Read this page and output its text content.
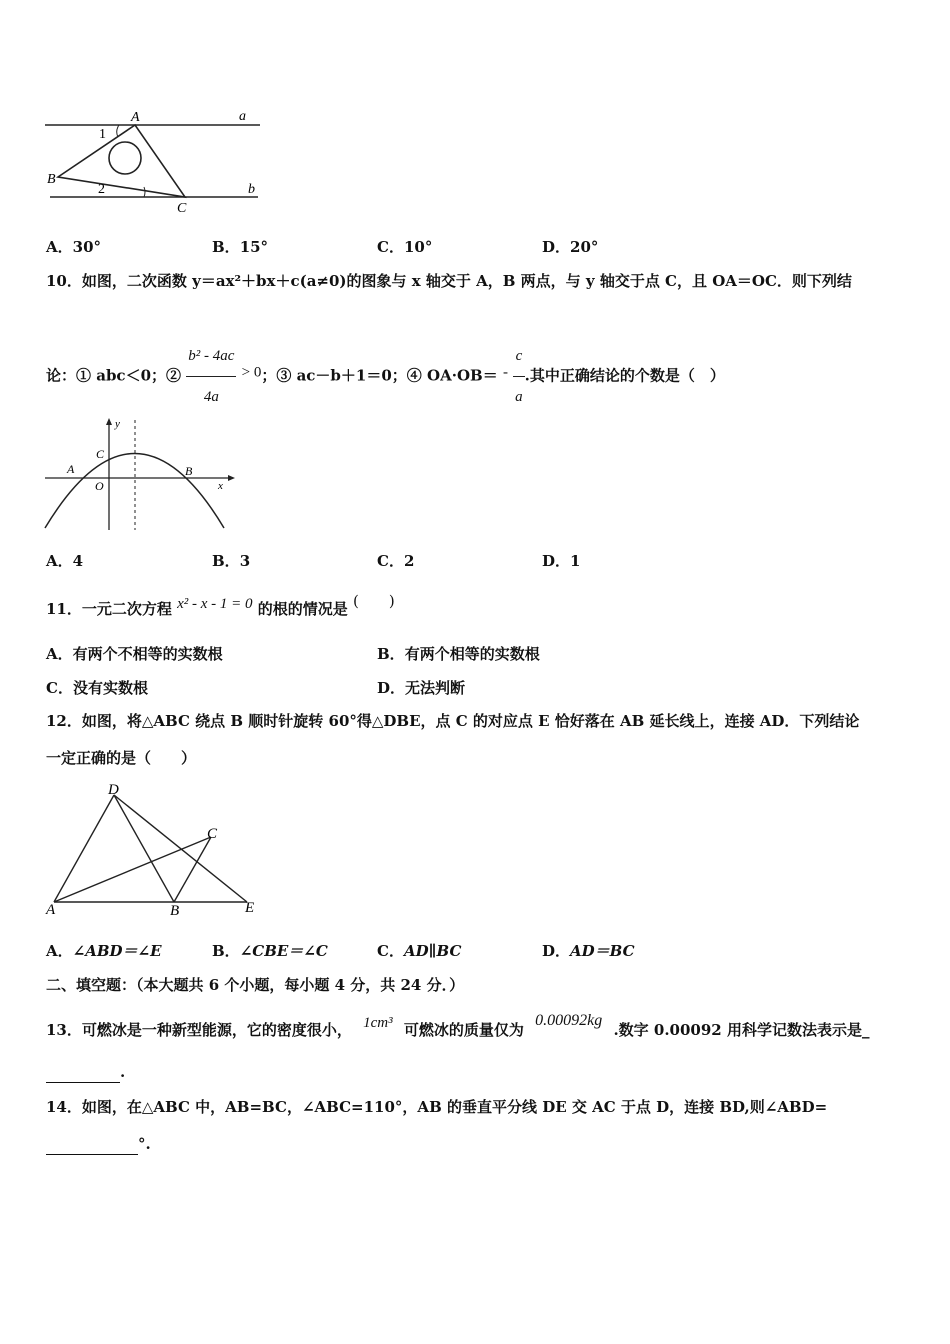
A	a
1
B
2	b
C
A．30°	B．15°	C．10°	D．20°
10．如图，二次函数 y＝ax²＋bx＋c(a≠0)的图象与 x 轴交于 A，B 两点，与 y 轴交于点 C，且 OA＝OC．则下列结
论：① abc＜0；② $\frac{\text{b² - 4ac}}{4a} > 0$；③ ac－b＋1＝0；④ $OA\cdot OB= - \frac{c}{a}$ .其中正确结论的个数是（　）
y
x
C
A	B
O
A．4	B．3	C．2	D．1
11．一元二次方程 x² - x - 1 = 0 的根的情况是 (　　)
A．有两个不相等的实数根	B．有两个相等的实数根
C．没有实数根	D．无法判断
12．如图，将△ABC 绕点 B 顺时针旋转 60°得△DBE，点 C 的对应点 E 恰好落在 AB 延长线上，连接 AD．下列结论
一定正确的是（　　）
D
C
A	B	E
A．∠ABD＝∠E	B．∠CBE＝∠C	C．AD∥BC	D．AD＝BC
二、填空题：（本大题共 6 个小题，每小题 4 分，共 24 分．）
13．可燃冰是一种新型能源，它的密度很小， 1cm³ 可燃冰的质量仅为 0.00092kg .数字 0.00092 用科学记数法表示是_
.
14．如图，在△ABC 中，AB=BC，∠ABC=110°，AB 的垂直平分线 DE 交 AC 于点 D，连接 BD,则∠ABD=
°.
